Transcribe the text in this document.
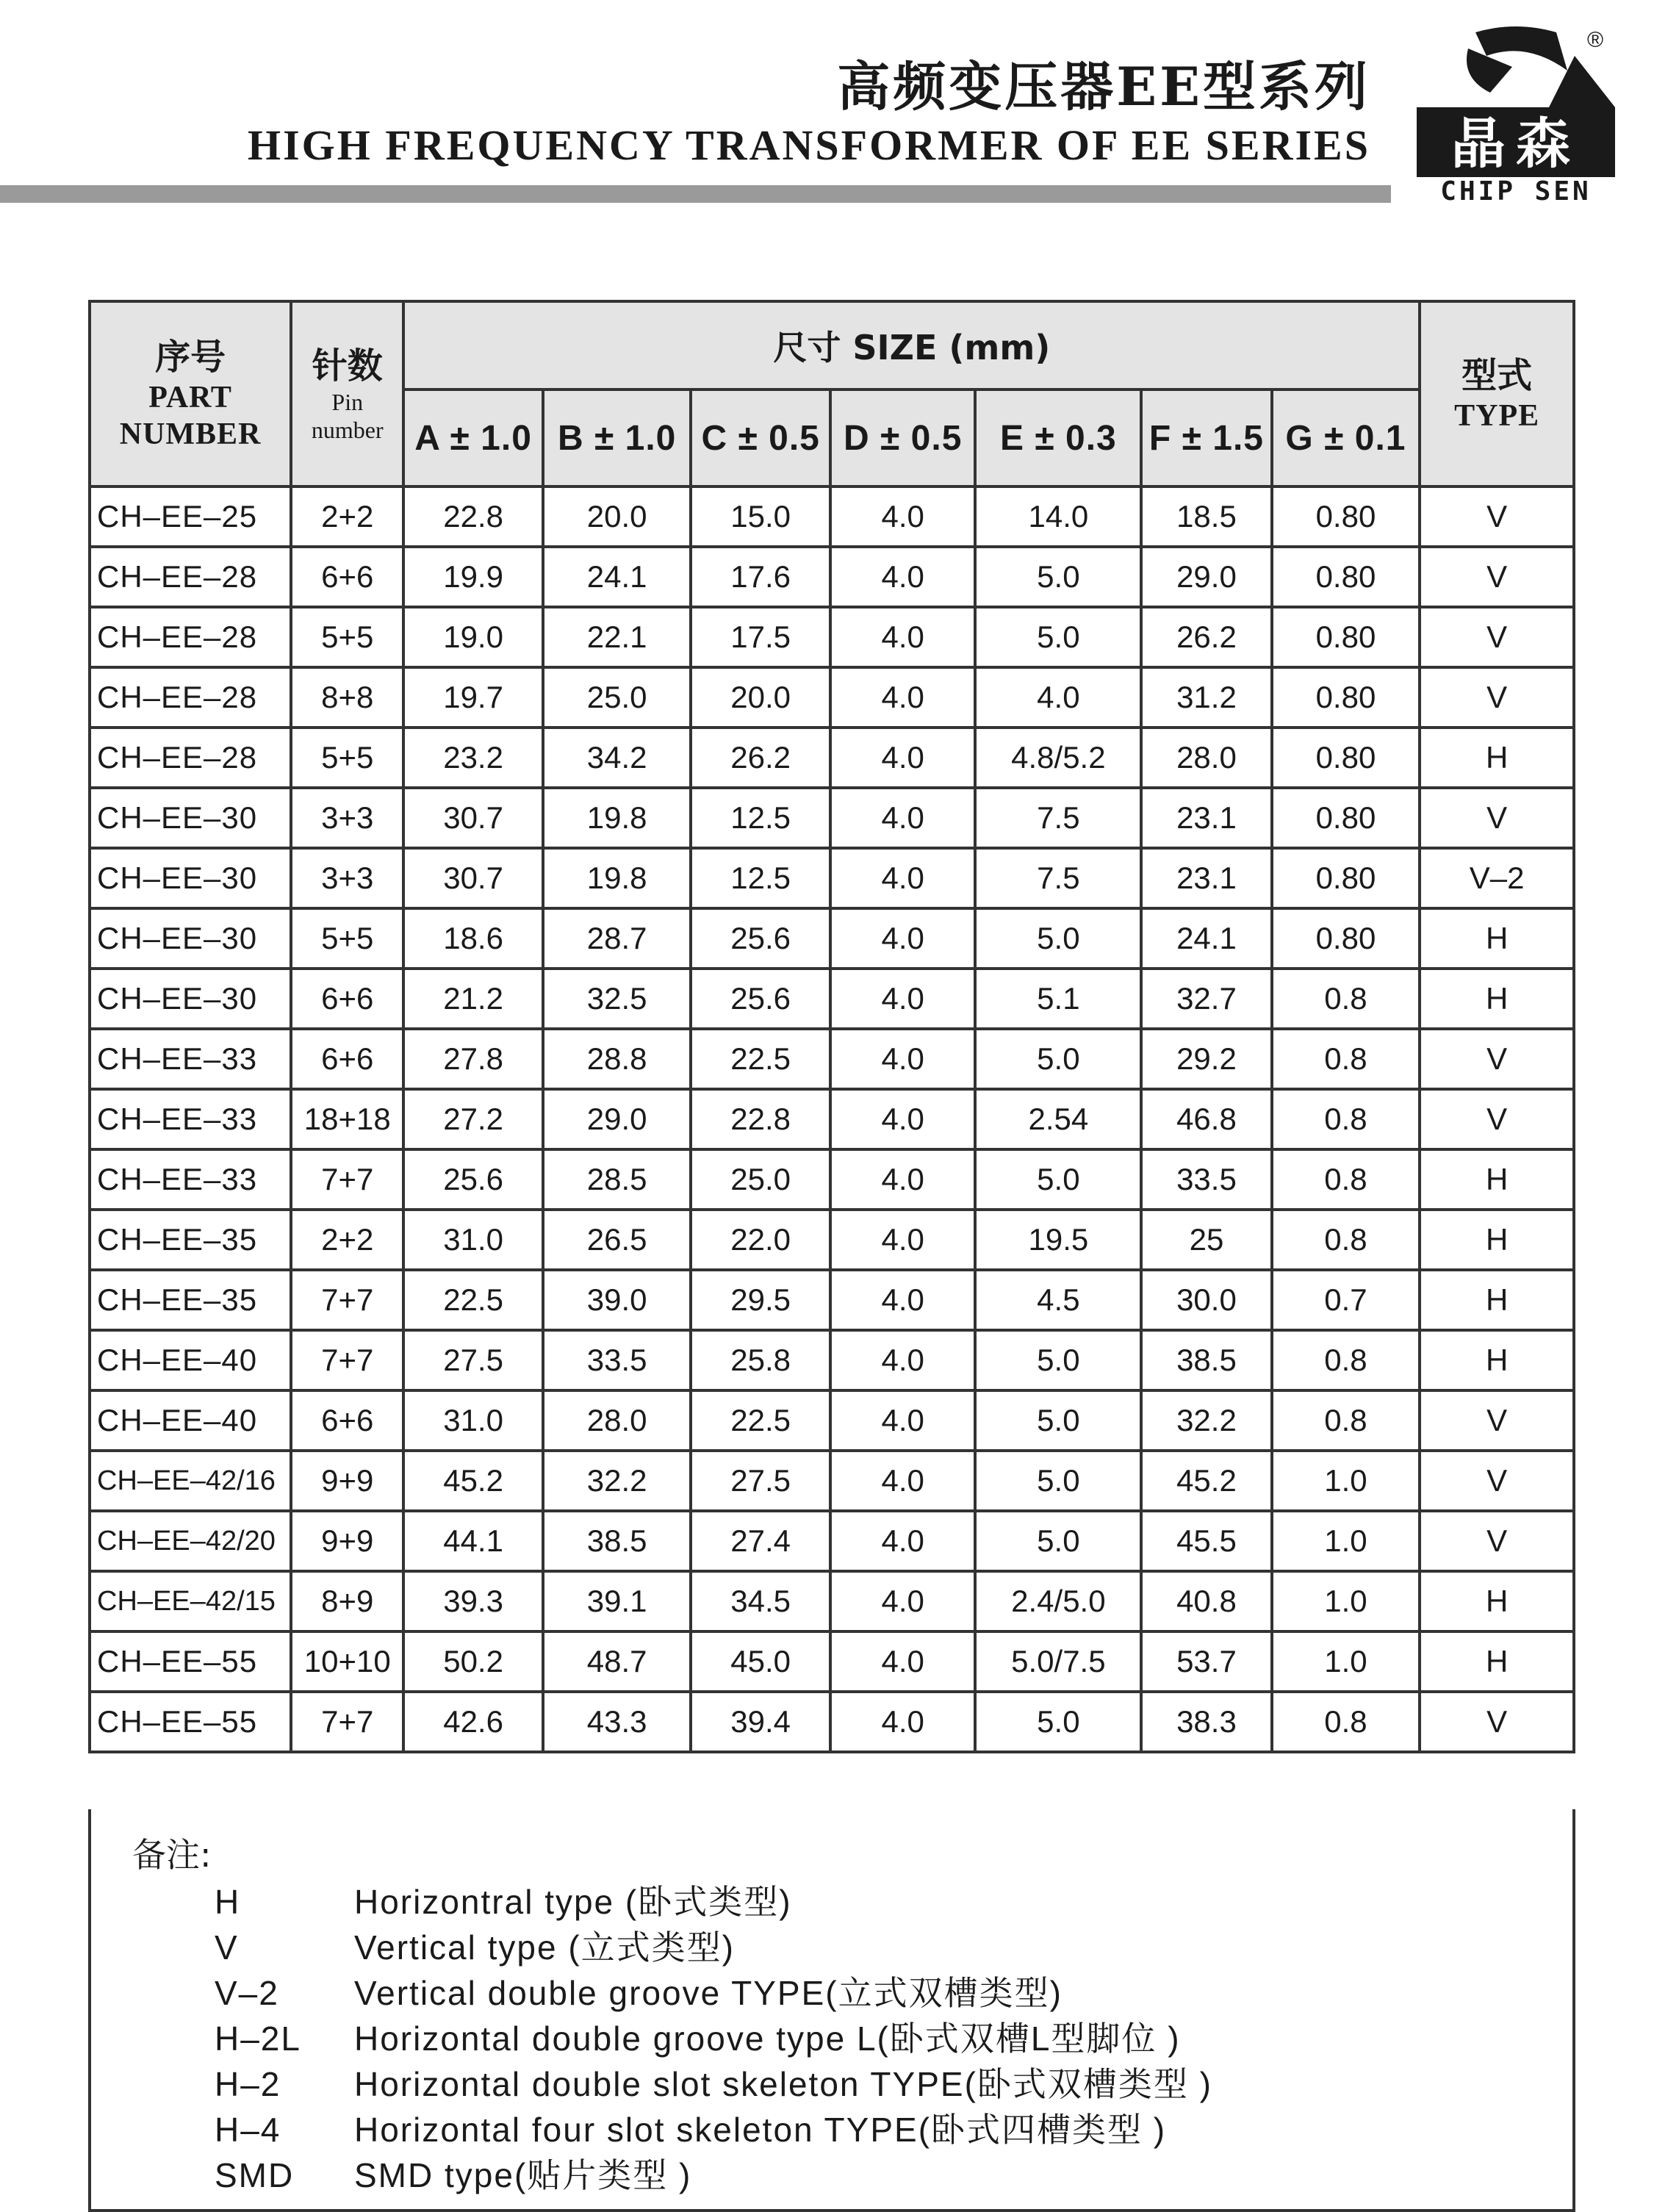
高频变压器EE型系列
HIGH FREQUENCY TRANSFORMER OF EE SERIES 晶森
CHIP SEN
®
序号
PART
NUMBER	针数
Pin
number	尺寸 SIZE (mm)							型式
TYPE

		A ± 1.0	B ± 1.0	C ± 0.5	D ± 0.5	E ± 0.3	F ± 1.5	G ± 0.1	
CH–EE–25	2+2	22.8	20.0	15.0	4.0	14.0	18.5	0.80	V
CH–EE–28	6+6	19.9	24.1	17.6	4.0	5.0	29.0	0.80	V
CH–EE–28	5+5	19.0	22.1	17.5	4.0	5.0	26.2	0.80	V
CH–EE–28	8+8	19.7	25.0	20.0	4.0	4.0	31.2	0.80	V
CH–EE–28	5+5	23.2	34.2	26.2	4.0	4.8/5.2	28.0	0.80	H
CH–EE–30	3+3	30.7	19.8	12.5	4.0	7.5	23.1	0.80	V
CH–EE–30	3+3	30.7	19.8	12.5	4.0	7.5	23.1	0.80	V–2
CH–EE–30	5+5	18.6	28.7	25.6	4.0	5.0	24.1	0.80	H
CH–EE–30	6+6	21.2	32.5	25.6	4.0	5.1	32.7	0.8	H
CH–EE–33	6+6	27.8	28.8	22.5	4.0	5.0	29.2	0.8	V
CH–EE–33	18+18	27.2	29.0	22.8	4.0	2.54	46.8	0.8	V
CH–EE–33	7+7	25.6	28.5	25.0	4.0	5.0	33.5	0.8	H
CH–EE–35	2+2	31.0	26.5	22.0	4.0	19.5	25	0.8	H
CH–EE–35	7+7	22.5	39.0	29.5	4.0	4.5	30.0	0.7	H
CH–EE–40	7+7	27.5	33.5	25.8	4.0	5.0	38.5	0.8	H
CH–EE–40	6+6	31.0	28.0	22.5	4.0	5.0	32.2	0.8	V
CH–EE–42/16	9+9	45.2	32.2	27.5	4.0	5.0	45.2	1.0	V
CH–EE–42/20	9+9	44.1	38.5	27.4	4.0	5.0	45.5	1.0	V
CH–EE–42/15	8+9	39.3	39.1	34.5	4.0	2.4/5.0	40.8	1.0	H
CH–EE–55	10+10	50.2	48.7	45.0	4.0	5.0/7.5	53.7	1.0	H
CH–EE–55	7+7	42.6	43.3	39.4	4.0	5.0	38.3	0.8	V
备注:
H	Horizontral type (卧式类型)
V	Vertical type (立式类型)
V–2 Vertical double groove TYPE(立式双槽类型)
H–2L Horizontal double groove type L(卧式双槽L型脚位 )
H–2 Horizontal double slot skeleton TYPE(卧式双槽类型 )
H–4 Horizontal four slot skeleton TYPE(卧式四槽类型 )
SMD SMD type(贴片类型 )
